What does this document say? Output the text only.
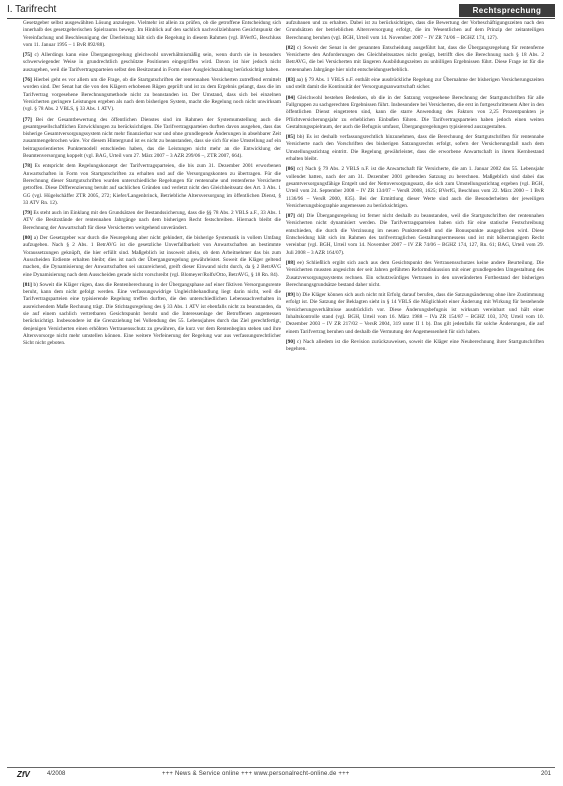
I. Tarifrecht	Rechtsprechung

Gesetzgeber selbst ausgewählten Lösung anzulegen. Vielmehr ist allein zu prüfen, ob die getroffene Entscheidung sich innerhalb des gesetzgeberischen Spielraums bewegt. Im Hinblick auf den sachlich nachvollziehbaren Gesichtspunkt der Vereinfachung und Beschleunigung der Überleitung hält sich die Regelung in diesem Rahmen (vgl. BVerfG, Beschluss vom 11. Januar 1995 – 1 BvR 892/88).

[75] c) Allerdings kann eine Übergangsregelung gleichwohl unverhältnismäßig sein, wenn durch sie in besonders schwerwiegender Weise in grundrechtlich geschützte Positionen eingegriffen wird. Davon ist hier jedoch nicht auszugehen, weil die Tarifvertragsparteien selbst den Besitzstand in Form einer Ausgleichszahlung berücksichtigt haben.

[76] Hierbei geht es vor allem um die Frage, ob die Startgutschriften der rentennahen Versicherten zutreffend ermittelt worden sind. Der Senat hat die von den Klägern erhobenen Rügen geprüft und ist zu dem Ergebnis gelangt, dass die im Tarifvertrag vorgesehene Berechnungsmethode nicht zu beanstanden ist. Der Umstand, dass sich bei einzelnen Versicherten geringere Leistungen ergeben als nach dem bisherigen System, macht die Regelung noch nicht unwirksam (vgl. § 78 Abs. 2 VBLS, § 33 Abs. 1 ATV).

[77] Bei der Gesamtbewertung des öffentlichen Dienstes sind im Rahmen der Systemumstellung auch die gesamtgesellschaftlichen Entwicklungen zu berücksichtigen. Die Tarifvertragsparteien durften davon ausgehen, dass das bisherige Gesamtversorgungssystem nicht mehr finanzierbar war und ohne grundlegende Änderungen in absehbarer Zeit zusammengebrochen wäre. Vor diesem Hintergrund ist es nicht zu beanstanden, dass sie sich für eine Umstellung auf ein beitragsorientiertes Punktemodell entschieden haben, das die Leistungen nicht mehr an die Entwicklung der Beamtenversorgung koppelt (vgl. BAG, Urteil vom 27. März 2007 – 3 AZR 299/06 –, ZTR 2007, 664).

[78] Es entspricht dem Regelungskonzept der Tarifvertragsparteien, die bis zum 31. Dezember 2001 erworbenen Anwartschaften in Form von Startgutschriften zu erhalten und auf die Versorgungskonten zu übertragen. Für die Berechnung dieser Startgutschriften wurden unterschiedliche Regelungen für rentennahe und rentenferne Versicherte getroffen. Diese Differenzierung beruht auf sachlichen Gründen und verletzt nicht den Gleichheitssatz des Art. 3 Abs. 1 GG (vgl. Hügelschäffer ZTR 2005, 272; Kiefer/Langenbrinck, Betriebliche Altersversorgung im öffentlichen Dienst, § 33 ATV Rn. 12).

[79] Es steht auch im Einklang mit den Grundsätzen der Bestandssicherung, dass die §§ 78 Abs. 2 VBLS a.F., 33 Abs. 1 ATV die Besitzstände der rentennahen Jahrgänge nach dem bisherigen Recht festschreiben. Hiernach bleibt die Berechnung der Anwartschaft für diese Versicherten weitgehend unverändert.

[80] a) Der Gesetzgeber war durch die Neuregelung aber nicht gehindert, die bisherige Systematik in vollem Umfang aufzugeben. Nach § 2 Abs. 1 BetrAVG ist die gesetzliche Unverfallbarkeit von Anwartschaften an bestimmte Voraussetzungen geknüpft, die hier erfüllt sind. Maßgeblich ist insoweit allein, ob dem Arbeitnehmer das bis zum Ausscheiden Erdiente erhalten bleibt; dies ist nach der Übergangsregelung gewährleistet. Soweit die Kläger geltend machen, die Dynamisierung der Anwartschaften sei unzureichend, greift dieser Einwand nicht durch, da § 2 BetrAVG eine Dynamisierung nach dem Ausscheiden gerade nicht vorschreibt (vgl. Blomeyer/Rolfs/Otto, BetrAVG, § 18 Rn. 84).

[81] b) Soweit die Kläger rügen, dass die Rentenberechnung in der Übergangsphase auf einer fiktiven Versorgungsrente beruht, kann dem nicht gefolgt werden. Eine verfassungswidrige Ungleichbehandlung liegt darin nicht, weil die Tarifvertragsparteien eine typisierende Regelung treffen durften, die den unterschiedlichen Lebenssachverhalten in ausreichendem Maße Rechnung trägt. Die Stichtagsregelung des § 33 Abs. 1 ATV ist ebenfalls nicht zu beanstanden, da sie auf einem sachlich vertretbaren Gesichtspunkt beruht und die Interessenlage der Betroffenen angemessen berücksichtigt. Insbesondere ist die Grenzziehung bei Vollendung des 55. Lebensjahres durch das Ziel gerechtfertigt, denjenigen Versicherten einen erhöhten Vertrauensschutz zu gewähren, die kurz vor dem Rentenbeginn stehen und ihre Altersvorsorge nicht mehr umstellen können. Eine weitere Verfeinerung der Regelung war aus verfassungsrechtlicher Sicht nicht geboten.

aufzubauen und zu erhalten. Dabei ist zu berücksichtigen, dass die Bewertung der Vorbeschäftigungszeiten nach den Grundsätzen der betrieblichen Altersversorgung erfolgt, die im Wesentlichen auf dem Prinzip der zeitanteiligen Berechnung beruhen (vgl. BGH, Urteil vom 14. November 2007 – IV ZR 74/06 – BGHZ 174, 127).

[82] c) Soweit der Senat in der genannten Entscheidung ausgeführt hat, dass die Übergangsregelung für rentenferne Versicherte den Anforderungen des Gleichheitssatzes nicht genügt, betrifft dies die Berechnung nach § 18 Abs. 2 BetrAVG, die bei Versicherten mit längeren Ausbildungszeiten zu unbilligen Ergebnissen führt. Diese Frage ist für die rentennahen Jahrgänge hier nicht entscheidungserheblich.

[83] aa) § 79 Abs. 1 VBLS n.F. enthält eine ausdrückliche Regelung zur Übernahme der bisherigen Versicherungszeiten und stellt damit die Kontinuität der Versorgungsanwartschaft sicher.

[84] Gleichwohl bestehen Bedenken, ob die in der Satzung vorgesehene Berechnung der Startgutschriften für alle Fallgruppen zu sachgerechten Ergebnissen führt. Insbesondere bei Versicherten, die erst in fortgeschrittenem Alter in den öffentlichen Dienst eingetreten sind, kann die starre Anwendung des Faktors von 2,25 Prozentpunkten je Pflichtversicherungsjahr zu erheblichen Einbußen führen. Die Tarifvertragsparteien haben jedoch einen weiten Gestaltungsspielraum, der auch die Befugnis umfasst, Übergangsregelungen typisierend auszugestalten.

[85] bb) Es ist deshalb verfassungsrechtlich hinzunehmen, dass die Berechnung der Startgutschriften für rentennahe Versicherte nach den Vorschriften des bisherigen Satzungsrechts erfolgt, sofern der Versicherungsfall nach dem Umstellungsstichtag eintritt. Die Regelung gewährleistet, dass die erworbene Anwartschaft in ihrem Kernbestand erhalten bleibt.

[86] cc) Nach § 79 Abs. 2 VBLS n.F. ist die Anwartschaft für Versicherte, die am 1. Januar 2002 das 55. Lebensjahr vollendet hatten, nach der am 31. Dezember 2001 geltenden Satzung zu berechnen. Maßgeblich sind dabei das gesamtversorgungsfähige Entgelt und der Nettoversorgungssatz, die sich zum Umstellungsstichtag ergeben (vgl. BGH, Urteil vom 24. September 2008 – IV ZR 134/07 – VersR 2008, 1625; BVerfG, Beschluss vom 22. März 2000 – 1 BvR 1136/96 – VersR 2000, 835). Bei der Ermittlung dieser Werte sind auch die Besonderheiten der jeweiligen Versicherungsbiographie angemessen zu berücksichtigen.

[87] dd) Die Übergangsregelung ist ferner nicht deshalb zu beanstanden, weil die Startgutschriften der rentennahen Versicherten nicht dynamisiert werden. Die Tarifvertragsparteien haben sich für eine statische Festschreibung entschieden, die durch die Verzinsung im neuen Punktemodell und die Bonuspunkte ausgeglichen wird. Diese Entscheidung hält sich im Rahmen des tarifvertraglichen Gestaltungsermessens und ist mit höherrangigem Recht vereinbar (vgl. BGH, Urteil vom 14. November 2007 – IV ZR 74/06 – BGHZ 174, 127, Rn. 61; BAG, Urteil vom 29. Juli 2008 – 3 AZR 164/07).

[88] ee) Schließlich ergibt sich auch aus dem Gesichtspunkt des Vertrauensschutzes keine andere Beurteilung. Die Versicherten mussten angesichts der seit Jahren geführten Reformdiskussion mit einer grundlegenden Umgestaltung des Zusatzversorgungssystems rechnen. Ein schutzwürdiges Vertrauen in den unveränderten Fortbestand der bisherigen Berechnungsgrundsätze bestand daher nicht.

[89] b) Die Kläger können sich auch nicht mit Erfolg darauf berufen, dass die Satzungsänderung ohne ihre Zustimmung erfolgt ist. Die Satzung der Beklagten sieht in § 14 VBLS die Möglichkeit einer Änderung mit Wirkung für bestehende Versicherungsverhältnisse ausdrücklich vor. Diese Änderungsbefugnis ist wirksam vereinbart und hält einer Inhaltskontrolle stand (vgl. BGH, Urteil vom 16. März 1988 – IVa ZR 154/87 – BGHZ 103, 370; Urteil vom 10. Dezember 2003 – IV ZR 217/02 – VersR 2004, 319 unter II 1 b). Das gilt jedenfalls für solche Änderungen, die auf einem Tarifvertrag beruhen und deshalb die Vermutung der Angemessenheit für sich haben.

[90] c) Nach alledem ist die Revision zurückzuweisen, soweit die Kläger eine Neuberechnung ihrer Startgutschriften begehren.

ZfV	4/2008	+++ News & Service online +++ www.personalrecht-online.de +++	201
